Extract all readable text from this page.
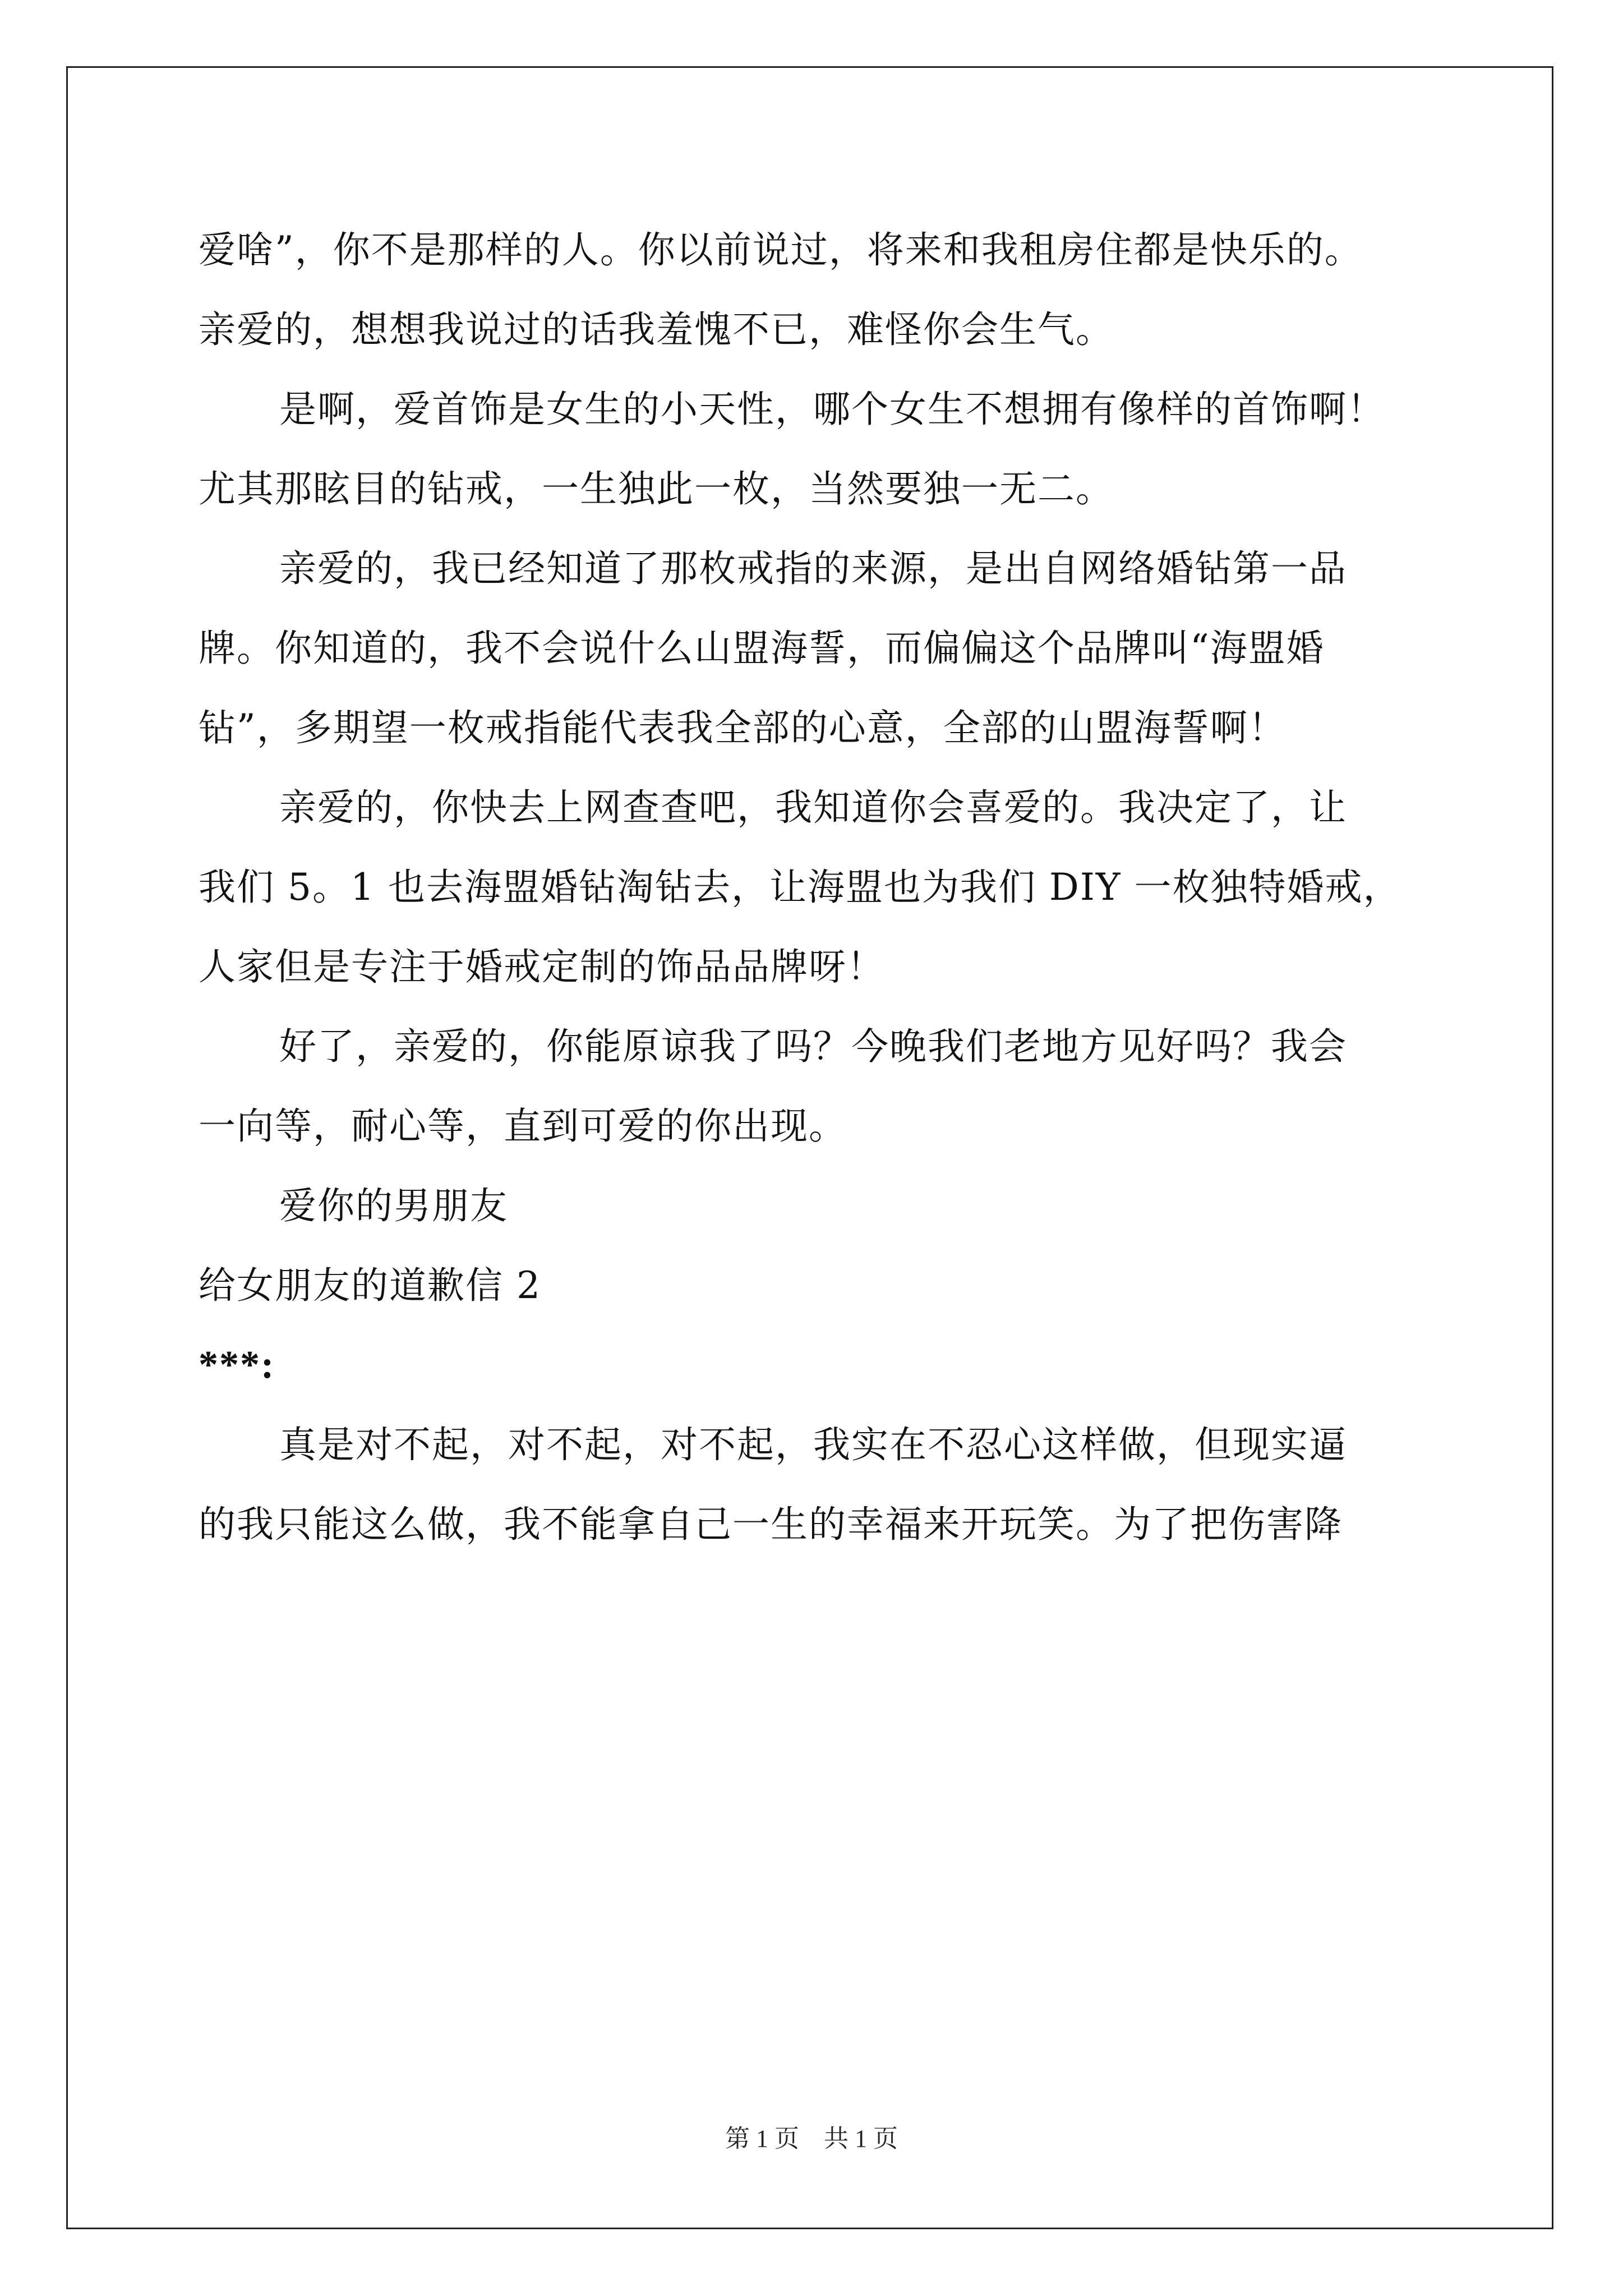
爱啥”，你不是那样的人。你以前说过，将来和我租房住都是快乐的。
亲爱的，想想我说过的话我羞愧不已，难怪你会生气。
是啊，爱首饰是女生的小天性，哪个女生不想拥有像样的首饰啊！
尤其那眩目的钻戒，一生独此一枚，当然要独一无二。
亲爱的，我已经知道了那枚戒指的来源，是出自网络婚钻第一品
牌。你知道的，我不会说什么山盟海誓，而偏偏这个品牌叫“海盟婚
钻”，多期望一枚戒指能代表我全部的心意，全部的山盟海誓啊！
亲爱的，你快去上网查查吧，我知道你会喜爱的。我决定了，让
我们 5。1 也去海盟婚钻淘钻去，让海盟也为我们 DIY 一枚独特婚戒，
人家但是专注于婚戒定制的饰品品牌呀！
好了，亲爱的，你能原谅我了吗？今晚我们老地方见好吗？我会
一向等，耐心等，直到可爱的你出现。
爱你的男朋友
给女朋友的道歉信 2
***:
真是对不起，对不起，对不起，我实在不忍心这样做，但现实逼
的我只能这么做，我不能拿自己一生的幸福来开玩笑。为了把伤害降
第 1 页　共 1 页
